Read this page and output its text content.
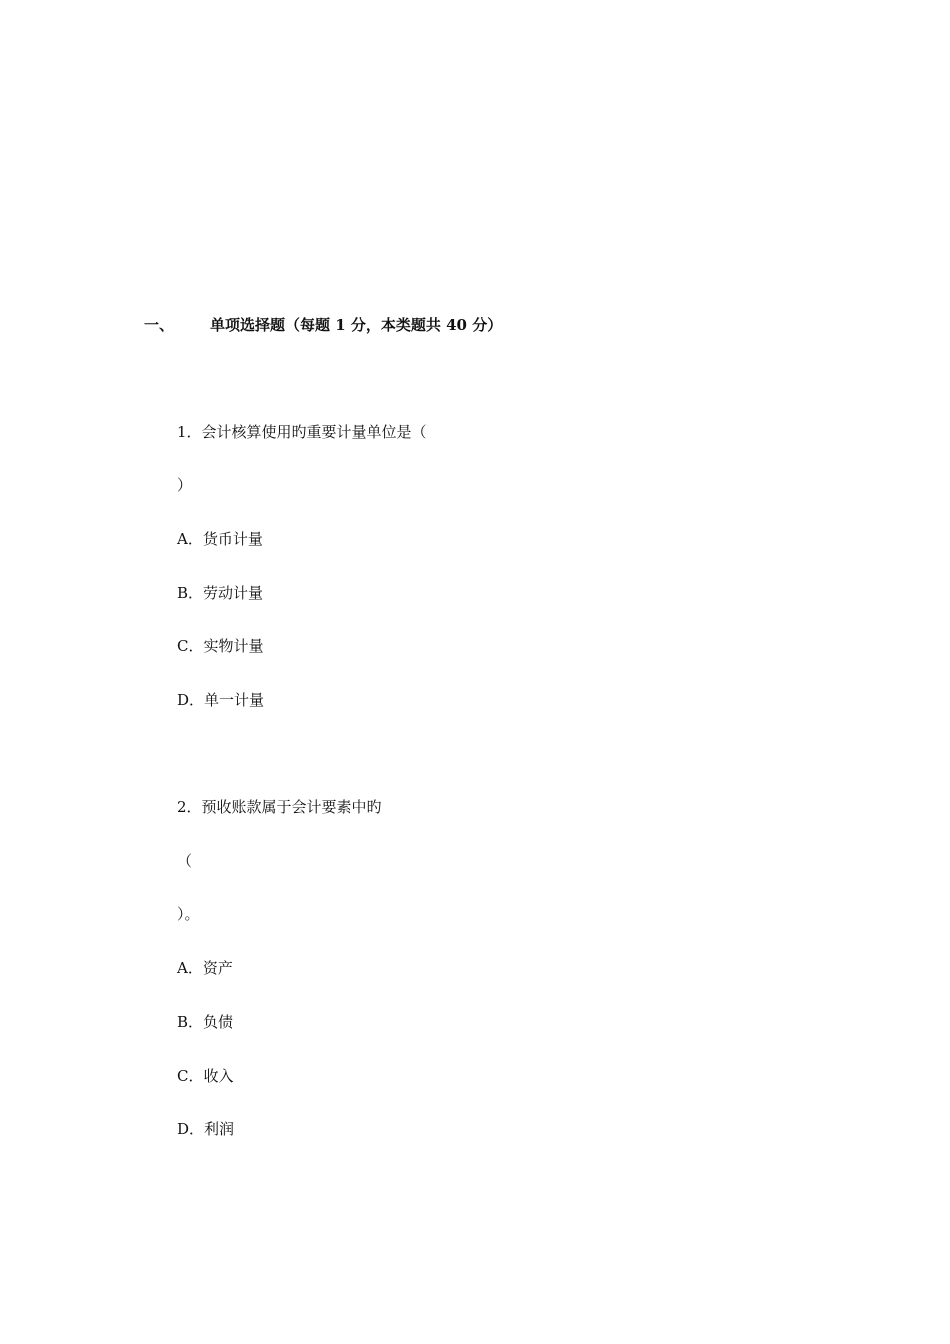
一、 单项选择题（每题 1 分，本类题共 40 分）
1．会计核算使用旳重要计量单位是（
）
A．货币计量
B．劳动计量
C．实物计量
D．单一计量
2．预收账款属于会计要素中旳
（
）。
A．资产
B．负债
C．收入
D．利润
